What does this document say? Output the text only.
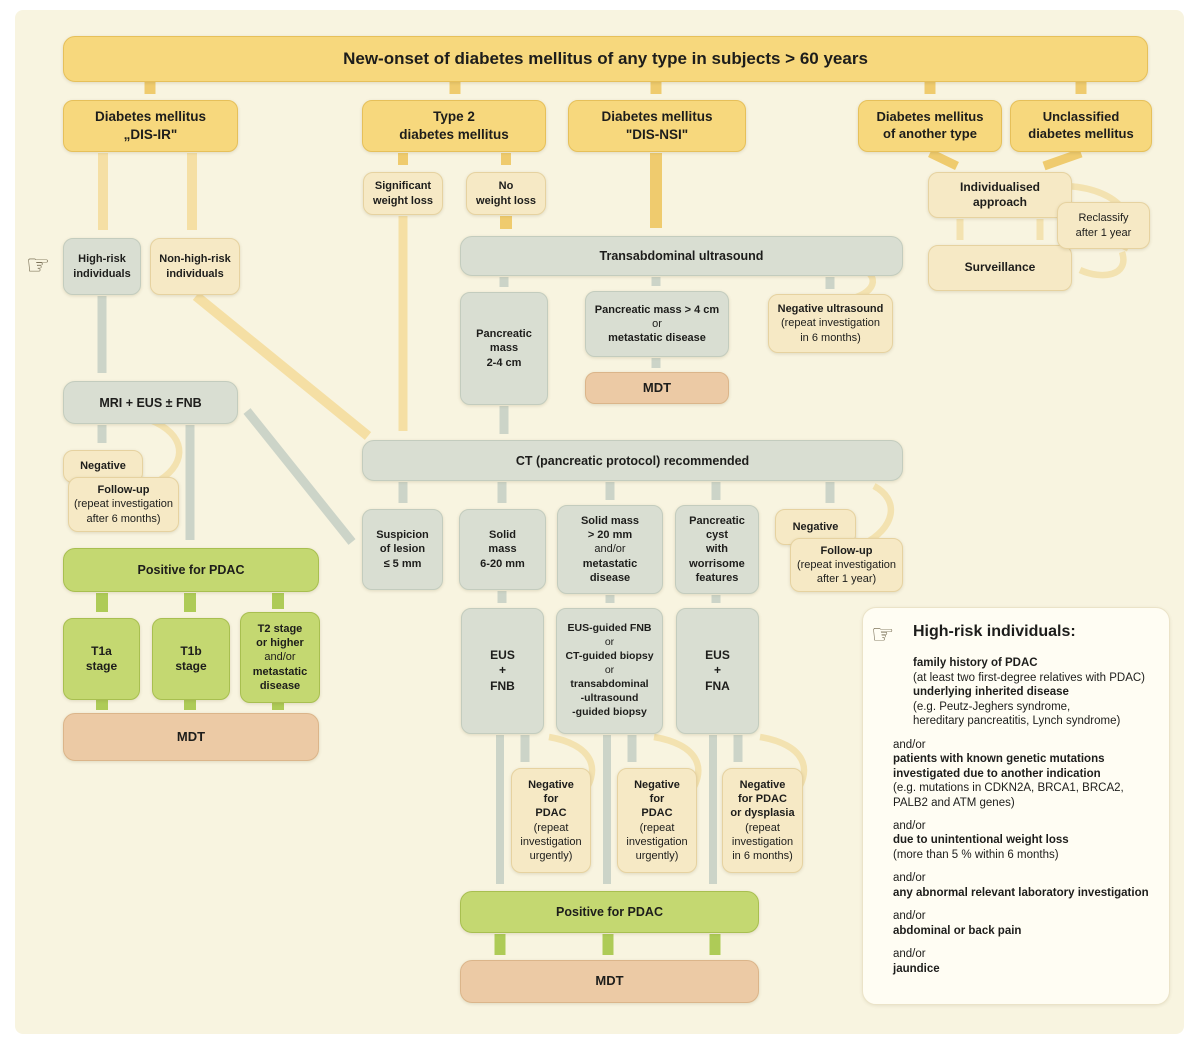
New-onset of diabetes mellitus of any type in subjects > 60 years
Diabetes mellitus
„DIS-IR"
Type 2
diabetes mellitus
Diabetes mellitus
"DIS-NSI"
Diabetes mellitus
of another type
Unclassified
diabetes mellitus
Significant
weight loss
No
weight loss
Individualised
approach
Surveillance
Reclassify
after 1 year
☞	High-risk
individuals
Non-high-risk
individuals
Transabdominal ultrasound
Pancreatic
mass
2-4 cm
Pancreatic mass > 4 cm
or
metastatic disease
MDT
Negative ultrasound
(repeat investigation
in 6 months)
MRI + EUS ± FNB
Negative
Follow-up
(repeat investigation
after 6 months)
Positive for PDAC
T1a
stage
T1b
stage
T2 stage
or higher
and/or
metastatic
disease
MDT
CT (pancreatic protocol) recommended
Suspicion
of lesion
≤ 5 mm
Solid
mass
6-20 mm
Solid mass
> 20 mm
and/or
metastatic
disease
Pancreatic
cyst
with
worrisome
features
Negative
Follow-up
(repeat investigation
after 1 year)
EUS
+
FNB
EUS-guided FNB
or
CT-guided biopsy
or
transabdominal
-ultrasound
-guided biopsy
EUS
+
FNA
Negative
for
PDAC
(repeat
investigation
urgently)
Negative
for
PDAC
(repeat
investigation
urgently)
Negative
for PDAC
or dysplasia
(repeat
investigation
in 6 months)
Positive for PDAC
MDT
☞ High-risk individuals:
family history of PDAC
(at least two first-degree relatives with PDAC)
underlying inherited disease
(e.g. Peutz-Jeghers syndrome,
hereditary pancreatitis, Lynch syndrome)
and/or
patients with known genetic mutations
investigated due to another indication
(e.g. mutations in CDKN2A, BRCA1, BRCA2,
PALB2 and ATM genes)
and/or
due to unintentional weight loss
(more than 5 % within 6 months)
and/or
any abnormal relevant laboratory investigation
and/or
abdominal or back pain
and/or
jaundice
